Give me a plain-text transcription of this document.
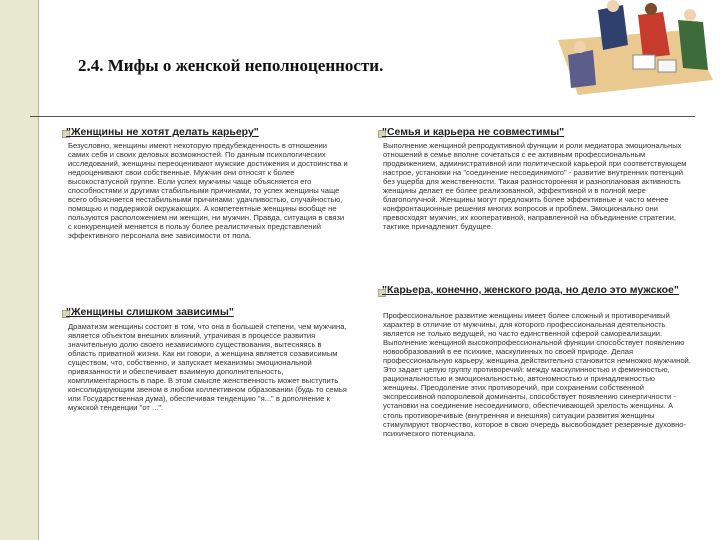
2.4. Мифы о женской неполноценности.
"Женщины не хотят делать карьеру"
Безусловно, женщины имеют некоторую предубежденность в отношении самих себя и своих деловых возможностей. По данным психологических исследований, женщины переоценивают мужские достижения и достоинства и недооценивают свои собственные. Мужчин они относят к более высокостатусной группе. Если успех мужчины чаще объясняется его способностями и другими стабильными причинами, то успех женщины чаще всего объясняется нестабильными причинами: удачливостью, случайностью, помощью и поддержкой окружающих. А компетентные женщины вообще не пользуются расположением ни женщин, ни мужчин. Правда, ситуация в связи с конкуренцией меняется в пользу более реалистичных представлений эффективного персонала вне зависимости от пола.
"Женщины слишком зависимы"
Драматизм женщины состоит в том, что она в большей степени, чем мужчина, является объектом внешних влияний, утрачивая в процессе развития значительную долю своего независимого существования, вытесняясь в область приватной жизни. Как ни говори, а женщина является созависимым существом, что, собственно, и запускает механизмы эмоциональной привязанности и обеспечивает взаимную дополнительность, комплиментарность в паре. В этом смысле женственность может выступить консолидирующим звеном в любом коллективном образовании (будь то семья или Государственная дума), обеспечивая тенденцию "я..." в дополнение к мужской тенденции "от ...".
"Семья и карьера не совместимы"
Выполнение женщиной репродуктивной функции и роли медиатора эмоциональных отношений в семье вполне сочетаться с ее активным профессиональным продвижением, административной или политической карьерой при соответствующем настрое, установки на "соединение несоединимого" - развитие внутренних потенций без ущерба для женственности. Такая разносторонняя и разноплановая активность женщины делает ее более реализованной, эффективной и в полной мере благополучной. Женщины могут предложить более эффективные и часто менее конфронтационные решения многих вопросов и проблем. Эмоционально они превосходят мужчин, их кооперативной, направленной на объединение стратегии, тактике принадлежит будущее.
"Карьера, конечно, женского рода, но дело это мужское"
Профессиональное развитие женщины имеет более сложный и противоречивый характер в отличие от мужчины, для которого профессиональная деятельность является не только ведущей, но часто единственной сферой самореализации. Выполнение женщиной высокопрофессиональной функции способствует появлению новообразований в ее психике, маскулинных по своей природе. Делая профессиональную карьеру, женщина действительно становится немножко мужчиной. Это задает целую группу противоречий: между маскулинностью и феминностью, рациональностью и эмоциональностью, автономностью и принадлежностью женщины. Преодоление этих противоречий, при сохранении собственной экспрессивной полоролевой доминанты, способствует появлению синергичности - установки на соединение несоединимого, обеспечивающей зрелость женщины. А столь противоречивые (внутренняя и внешняя) ситуации развития женщины стимулируют творчество, которое в свою очередь высвобождает резервные духовно-психического потенциала.
